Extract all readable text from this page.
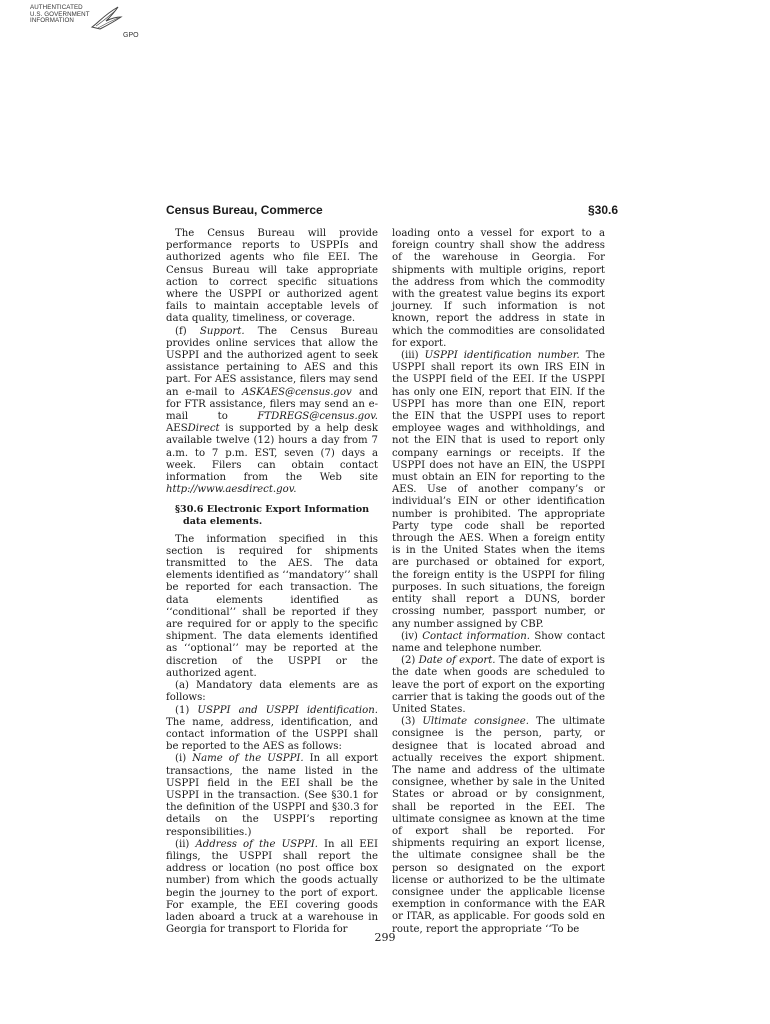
AUTHENTICATED
U.S. GOVERNMENT
INFORMATION
GPO
Census Bureau, Commerce	§30.6

The Census Bureau will provide performance reports to USPPIs and authorized agents who file EEI. The Census Bureau will take appropriate action to correct specific situations where the USPPI or authorized agent fails to maintain acceptable levels of data quality, timeliness, or coverage.

(f) Support. The Census Bureau provides online services that allow the USPPI and the authorized agent to seek assistance pertaining to AES and this part. For AES assistance, filers may send an e-mail to ASKAES@census.gov and for FTR assistance, filers may send an e-mail to FTDREGS@census.gov. AESDirect is supported by a help desk available twelve (12) hours a day from 7 a.m. to 7 p.m. EST, seven (7) days a week. Filers can obtain contact information from the Web site http://www.aesdirect.gov.

§30.6 Electronic Export Information
data elements.

The information specified in this section is required for shipments transmitted to the AES. The data elements identified as ‘‘mandatory’’ shall be reported for each transaction. The data elements identified as ‘‘conditional’’ shall be reported if they are required for or apply to the specific shipment. The data elements identified as ‘‘optional’’ may be reported at the discretion of the USPPI or the authorized agent.

(a) Mandatory data elements are as follows:

(1) USPPI and USPPI identification. The name, address, identification, and contact information of the USPPI shall be reported to the AES as follows:

(i) Name of the USPPI. In all export transactions, the name listed in the USPPI field in the EEI shall be the USPPI in the transaction. (See §30.1 for the definition of the USPPI and §30.3 for details on the USPPI’s reporting responsibilities.)

(ii) Address of the USPPI. In all EEI filings, the USPPI shall report the address or location (no post office box number) from which the goods actually begin the journey to the port of export. For example, the EEI covering goods laden aboard a truck at a warehouse in Georgia for transport to Florida for

loading onto a vessel for export to a foreign country shall show the address of the warehouse in Georgia. For shipments with multiple origins, report the address from which the commodity with the greatest value begins its export journey. If such information is not known, report the address in state in which the commodities are consolidated for export.

(iii) USPPI identification number. The USPPI shall report its own IRS EIN in the USPPI field of the EEI. If the USPPI has only one EIN, report that EIN. If the USPPI has more than one EIN, report the EIN that the USPPI uses to report employee wages and withholdings, and not the EIN that is used to report only company earnings or receipts. If the USPPI does not have an EIN, the USPPI must obtain an EIN for reporting to the AES. Use of another company’s or individual’s EIN or other identification number is prohibited. The appropriate Party type code shall be reported through the AES. When a foreign entity is in the United States when the items are purchased or obtained for export, the foreign entity is the USPPI for filing purposes. In such situations, the foreign entity shall report a DUNS, border crossing number, passport number, or any number assigned by CBP.

(iv) Contact information. Show contact name and telephone number.

(2) Date of export. The date of export is the date when goods are scheduled to leave the port of export on the exporting carrier that is taking the goods out of the United States.

(3) Ultimate consignee. The ultimate consignee is the person, party, or designee that is located abroad and actually receives the export shipment. The name and address of the ultimate consignee, whether by sale in the United States or abroad or by consignment, shall be reported in the EEI. The ultimate consignee as known at the time of export shall be reported. For shipments requiring an export license, the ultimate consignee shall be the person so designated on the export license or authorized to be the ultimate consignee under the applicable license exemption in conformance with the EAR or ITAR, as applicable. For goods sold en route, report the appropriate ‘‘To be

299
